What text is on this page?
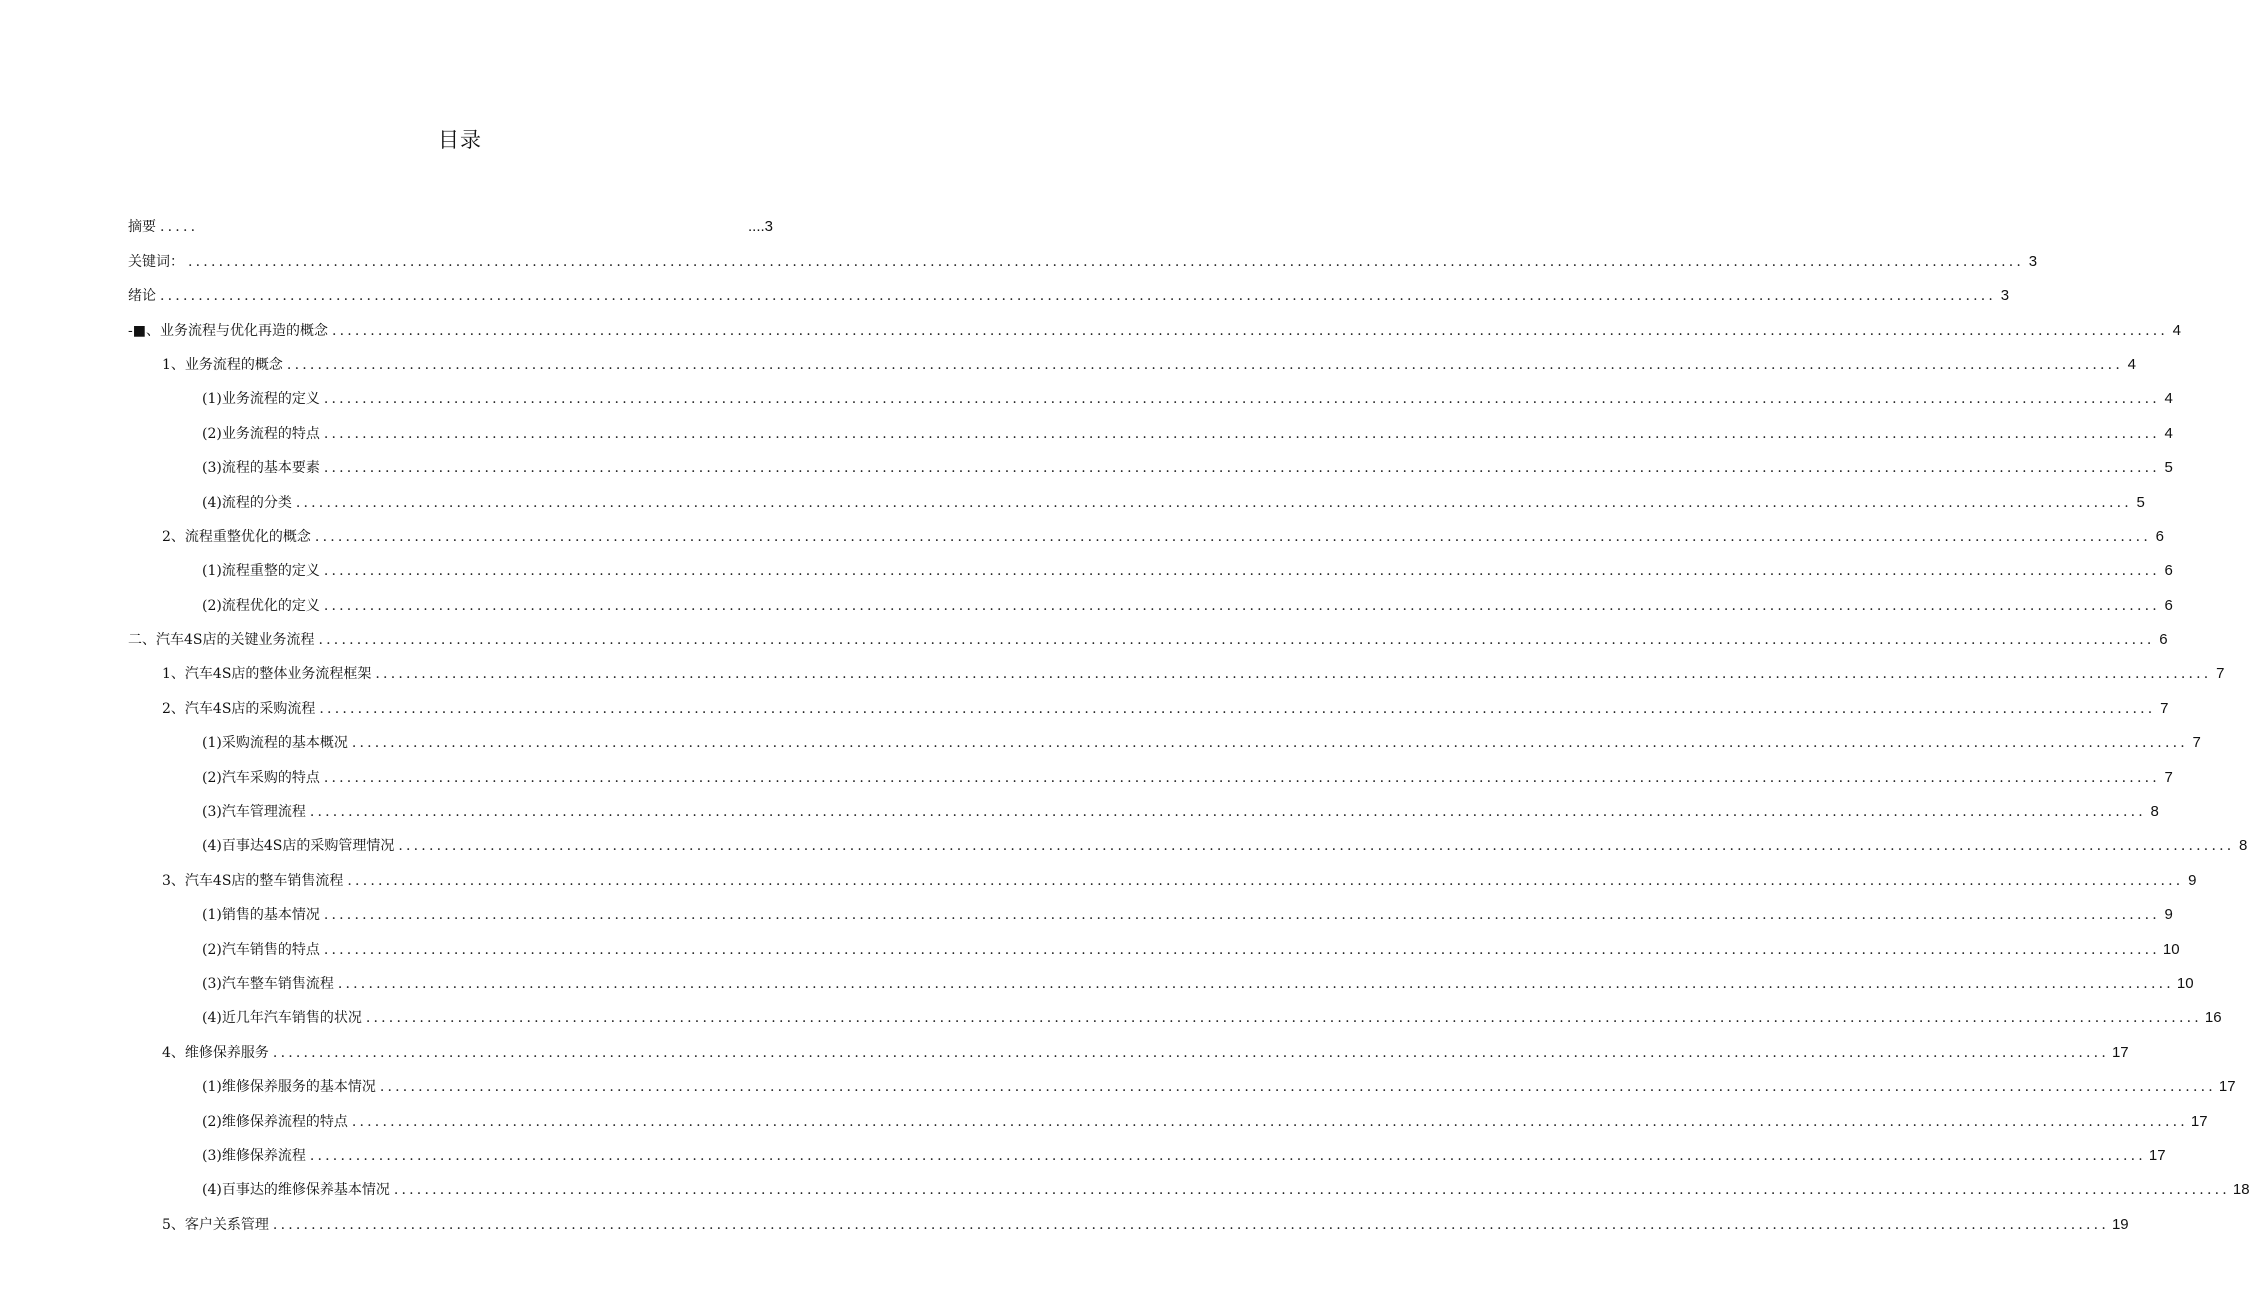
目录
摘要 .....	....3
关键词： ................................................................................................................................................................................................................................................ 3
绪论 ................................................................................................................................................................................................................................................ 3
-■、业务流程与优化再造的概念 ................................................................................................................................................................................................................................................ 4
1、业务流程的概念 ................................................................................................................................................................................................................................................ 4
(1)业务流程的定义 ................................................................................................................................................................................................................................................ 4
(2)业务流程的特点 ................................................................................................................................................................................................................................................ 4
(3)流程的基本要素 ................................................................................................................................................................................................................................................ 5
(4)流程的分类 ................................................................................................................................................................................................................................................ 5
2、流程重整优化的概念 ................................................................................................................................................................................................................................................ 6
(1)流程重整的定义 ................................................................................................................................................................................................................................................ 6
(2)流程优化的定义 ................................................................................................................................................................................................................................................ 6
二、汽车4S店的关键业务流程 ................................................................................................................................................................................................................................................ 6
1、汽车4S店的整体业务流程框架 ................................................................................................................................................................................................................................................ 7
2、汽车4S店的采购流程 ................................................................................................................................................................................................................................................ 7
(1)采购流程的基本概况 ................................................................................................................................................................................................................................................ 7
(2)汽车采购的特点 ................................................................................................................................................................................................................................................ 7
(3)汽车管理流程 ................................................................................................................................................................................................................................................ 8
(4)百事达4S店的采购管理情况 ................................................................................................................................................................................................................................................ 8
3、汽车4S店的整车销售流程 ................................................................................................................................................................................................................................................ 9
(1)销售的基本情况 ................................................................................................................................................................................................................................................ 9
(2)汽车销售的特点 ................................................................................................................................................................................................................................................ 10
(3)汽车整车销售流程 ................................................................................................................................................................................................................................................ 10
(4)近几年汽车销售的状况 ................................................................................................................................................................................................................................................ 16
4、维修保养服务 ................................................................................................................................................................................................................................................ 17
(1)维修保养服务的基本情况 ................................................................................................................................................................................................................................................ 17
(2)维修保养流程的特点 ................................................................................................................................................................................................................................................ 17
(3)维修保养流程 ................................................................................................................................................................................................................................................ 17
(4)百事达的维修保养基本情况 ................................................................................................................................................................................................................................................ 18
5、客户关系管理 ................................................................................................................................................................................................................................................ 19
